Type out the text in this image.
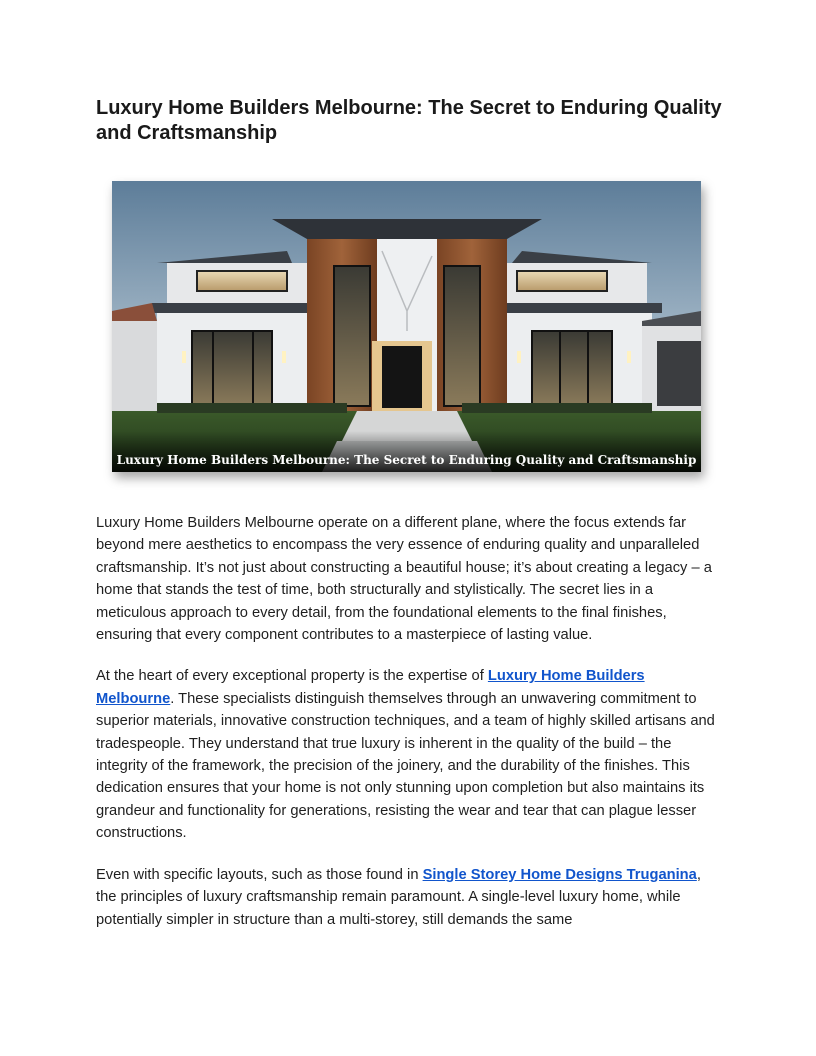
Luxury Home Builders Melbourne: The Secret to Enduring Quality and Craftsmanship
Luxury Home Builders Melbourne: The Secret to Enduring Quality and Craftsmanship

Luxury Home Builders Melbourne operate on a different plane, where the focus extends far beyond mere aesthetics to encompass the very essence of enduring quality and unparalleled craftsmanship. It’s not just about constructing a beautiful house; it’s about creating a legacy – a home that stands the test of time, both structurally and stylistically. The secret lies in a meticulous approach to every detail, from the foundational elements to the final finishes, ensuring that every component contributes to a masterpiece of lasting value.

At the heart of every exceptional property is the expertise of Luxury Home Builders Melbourne. These specialists distinguish themselves through an unwavering commitment to superior materials, innovative construction techniques, and a team of highly skilled artisans and tradespeople. They understand that true luxury is inherent in the quality of the build – the integrity of the framework, the precision of the joinery, and the durability of the finishes. This dedication ensures that your home is not only stunning upon completion but also maintains its grandeur and functionality for generations, resisting the wear and tear that can plague lesser constructions.

Even with specific layouts, such as those found in Single Storey Home Designs Truganina, the principles of luxury craftsmanship remain paramount. A single-level luxury home, while potentially simpler in structure than a multi-storey, still demands the same
